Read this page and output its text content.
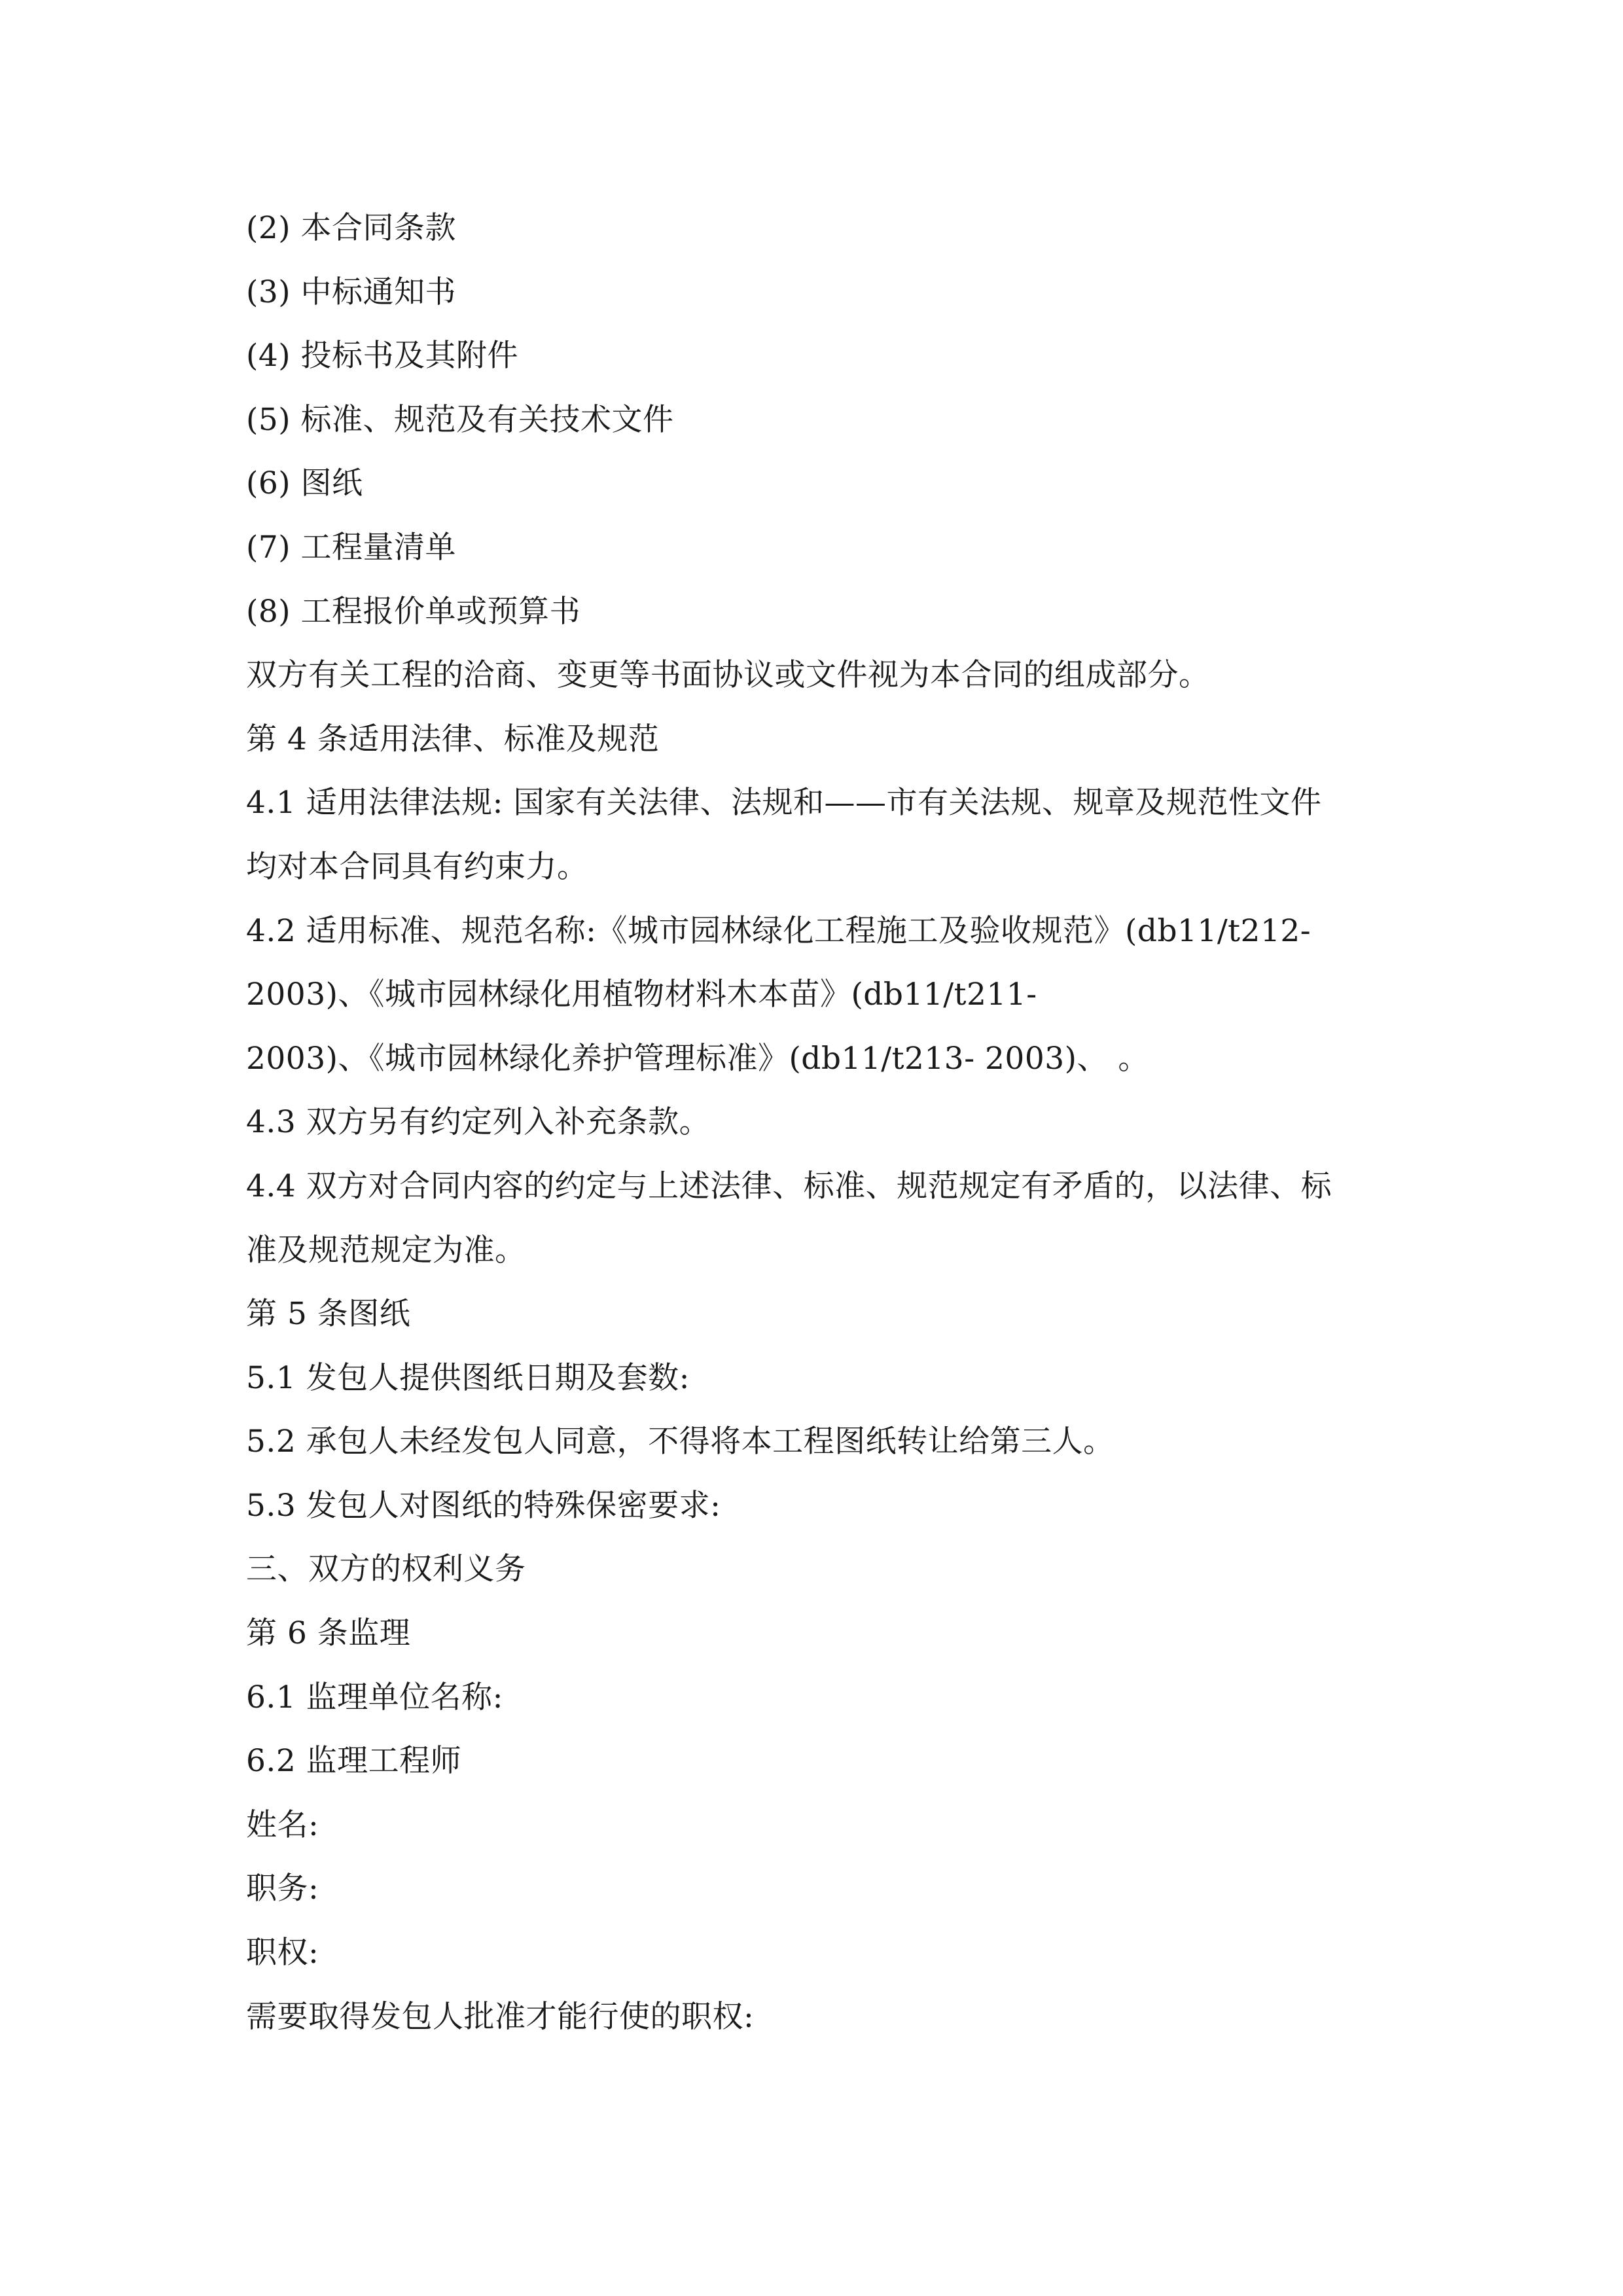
(2) 本合同条款
(3) 中标通知书
(4) 投标书及其附件
(5) 标准、规范及有关技术文件
(6) 图纸
(7) 工程量清单
(8) 工程报价单或预算书
双方有关工程的洽商、变更等书面协议或文件视为本合同的组成部分。
第 4 条适用法律、标准及规范
4.1 适用法律法规: 国家有关法律、法规和——市有关法规、规章及规范性文件
均对本合同具有约束力。
4.2 适用标准、规范名称:《城市园林绿化工程施工及验收规范》(db11/t212-
2003)、《城市园林绿化用植物材料木本苗》(db11/t211-
2003)、《城市园林绿化养护管理标准》(db11/t213- 2003)、 。
4.3 双方另有约定列入补充条款。
4.4 双方对合同内容的约定与上述法律、标准、规范规定有矛盾的，以法律、标
准及规范规定为准。
第 5 条图纸
5.1 发包人提供图纸日期及套数:
5.2 承包人未经发包人同意，不得将本工程图纸转让给第三人。
5.3 发包人对图纸的特殊保密要求:
三、双方的权利义务
第 6 条监理
6.1 监理单位名称:
6.2 监理工程师
姓名:
职务:
职权:
需要取得发包人批准才能行使的职权:
